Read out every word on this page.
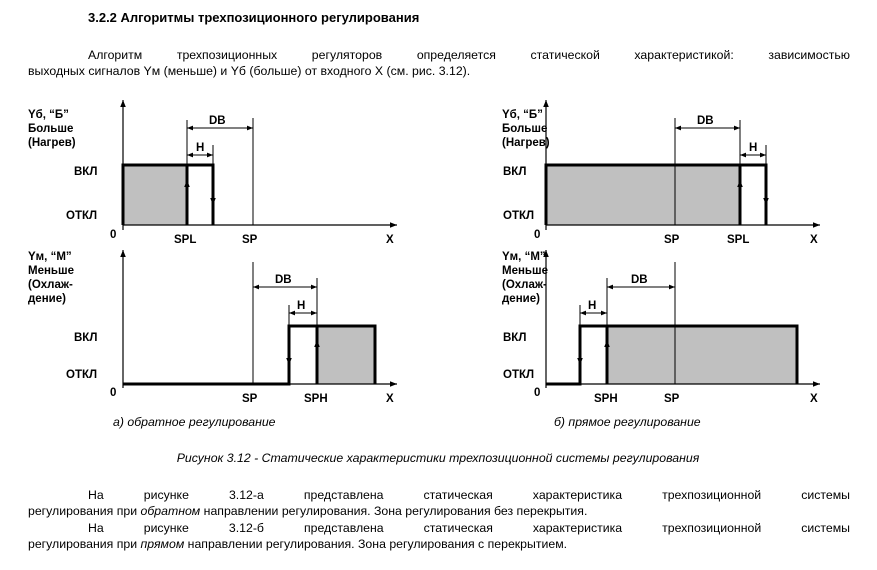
3.2.2 Алгоритмы трехпозиционного регулирования
Алгоритм трехпозиционных регуляторов определяется статической характеристикой: зависимостью
выходных сигналов Yм (меньше) и Yб (больше) от входного Х (см. рис. 3.12).
Yб, “Б”
Больше
(Нагрев)
ВКЛ
ОТКЛ
0	X
SP
SPL
DB
H
Yм, “М”
Меньше
(Охлаж-
дение)
ВКЛ
ОТКЛ
0	X
SP	SPH
DB
H
а) обратное регулирование
Yб, “Б”
Больше
(Нагрев)
ВКЛ
ОТКЛ
0	X
SP	SPL
DB
H
Yм, “М”
Меньше
(Охлаж-
дение)
ВКЛ
ОТКЛ
0	X
SP
SPH
DB
H
б) прямое регулирование
Рисунок 3.12 - Статические характеристики трехпозиционной системы регулирования
На рисунке 3.12-а представлена статическая характеристика трехпозиционной системы
регулирования при обратном направлении регулирования. Зона регулирования без перекрытия.
На рисунке 3.12-б представлена статическая характеристика трехпозиционной системы
регулирования при прямом направлении регулирования. Зона регулирования с перекрытием.
